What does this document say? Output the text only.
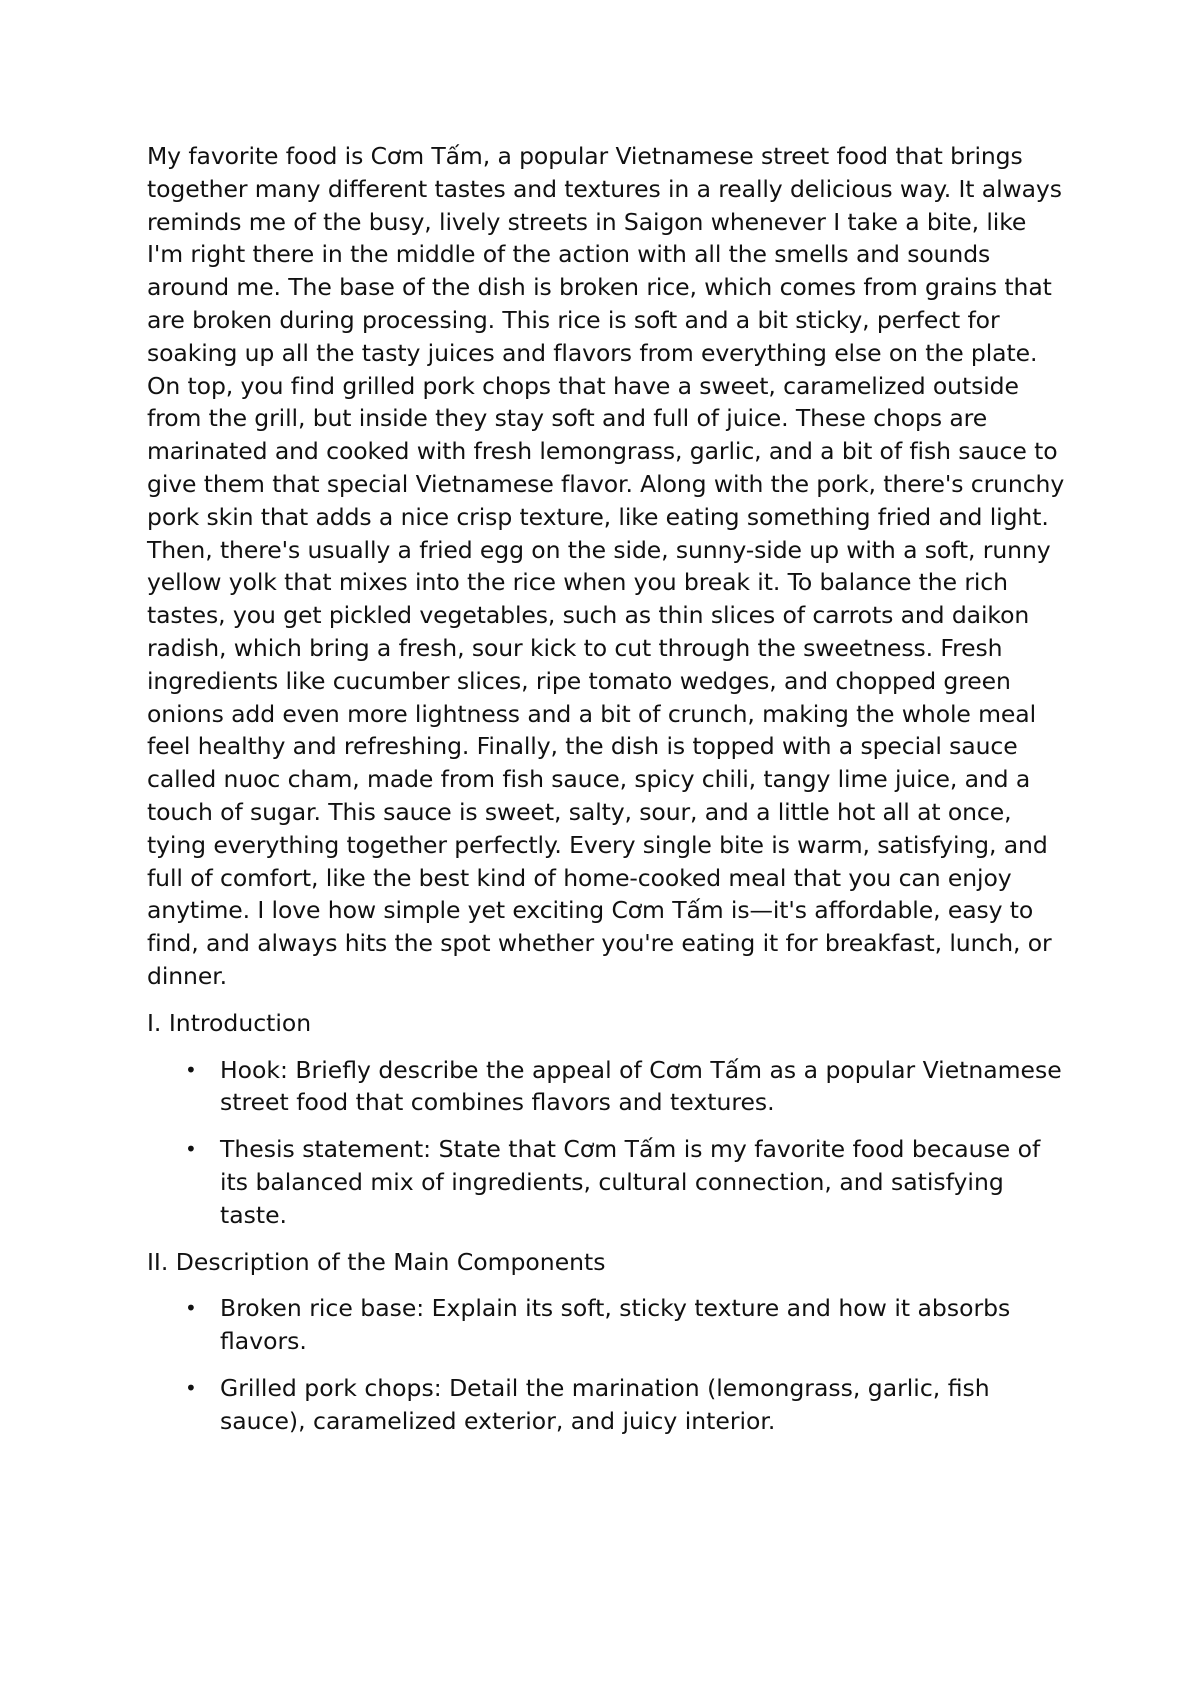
My favorite food is Cơm Tấm, a popular Vietnamese street food that brings together many different tastes and textures in a really delicious way. It always reminds me of the busy, lively streets in Saigon whenever I take a bite, like I'm right there in the middle of the action with all the smells and sounds around me. The base of the dish is broken rice, which comes from grains that are broken during processing. This rice is soft and a bit sticky, perfect for soaking up all the tasty juices and flavors from everything else on the plate. On top, you find grilled pork chops that have a sweet, caramelized outside from the grill, but inside they stay soft and full of juice. These chops are marinated and cooked with fresh lemongrass, garlic, and a bit of fish sauce to give them that special Vietnamese flavor. Along with the pork, there's crunchy pork skin that adds a nice crisp texture, like eating something fried and light. Then, there's usually a fried egg on the side, sunny-side up with a soft, runny yellow yolk that mixes into the rice when you break it. To balance the rich tastes, you get pickled vegetables, such as thin slices of carrots and daikon radish, which bring a fresh, sour kick to cut through the sweetness. Fresh ingredients like cucumber slices, ripe tomato wedges, and chopped green onions add even more lightness and a bit of crunch, making the whole meal feel healthy and refreshing. Finally, the dish is topped with a special sauce called nuoc cham, made from fish sauce, spicy chili, tangy lime juice, and a touch of sugar. This sauce is sweet, salty, sour, and a little hot all at once, tying everything together perfectly. Every single bite is warm, satisfying, and full of comfort, like the best kind of home-cooked meal that you can enjoy anytime. I love how simple yet exciting Cơm Tấm is—it's affordable, easy to find, and always hits the spot whether you're eating it for breakfast, lunch, or dinner.

I. Introduction

• Hook: Briefly describe the appeal of Cơm Tấm as a popular Vietnamese street food that combines flavors and textures.
• Thesis statement: State that Cơm Tấm is my favorite food because of its balanced mix of ingredients, cultural connection, and satisfying taste.

II. Description of the Main Components

• Broken rice base: Explain its soft, sticky texture and how it absorbs flavors.
• Grilled pork chops: Detail the marination (lemongrass, garlic, fish sauce), caramelized exterior, and juicy interior.
